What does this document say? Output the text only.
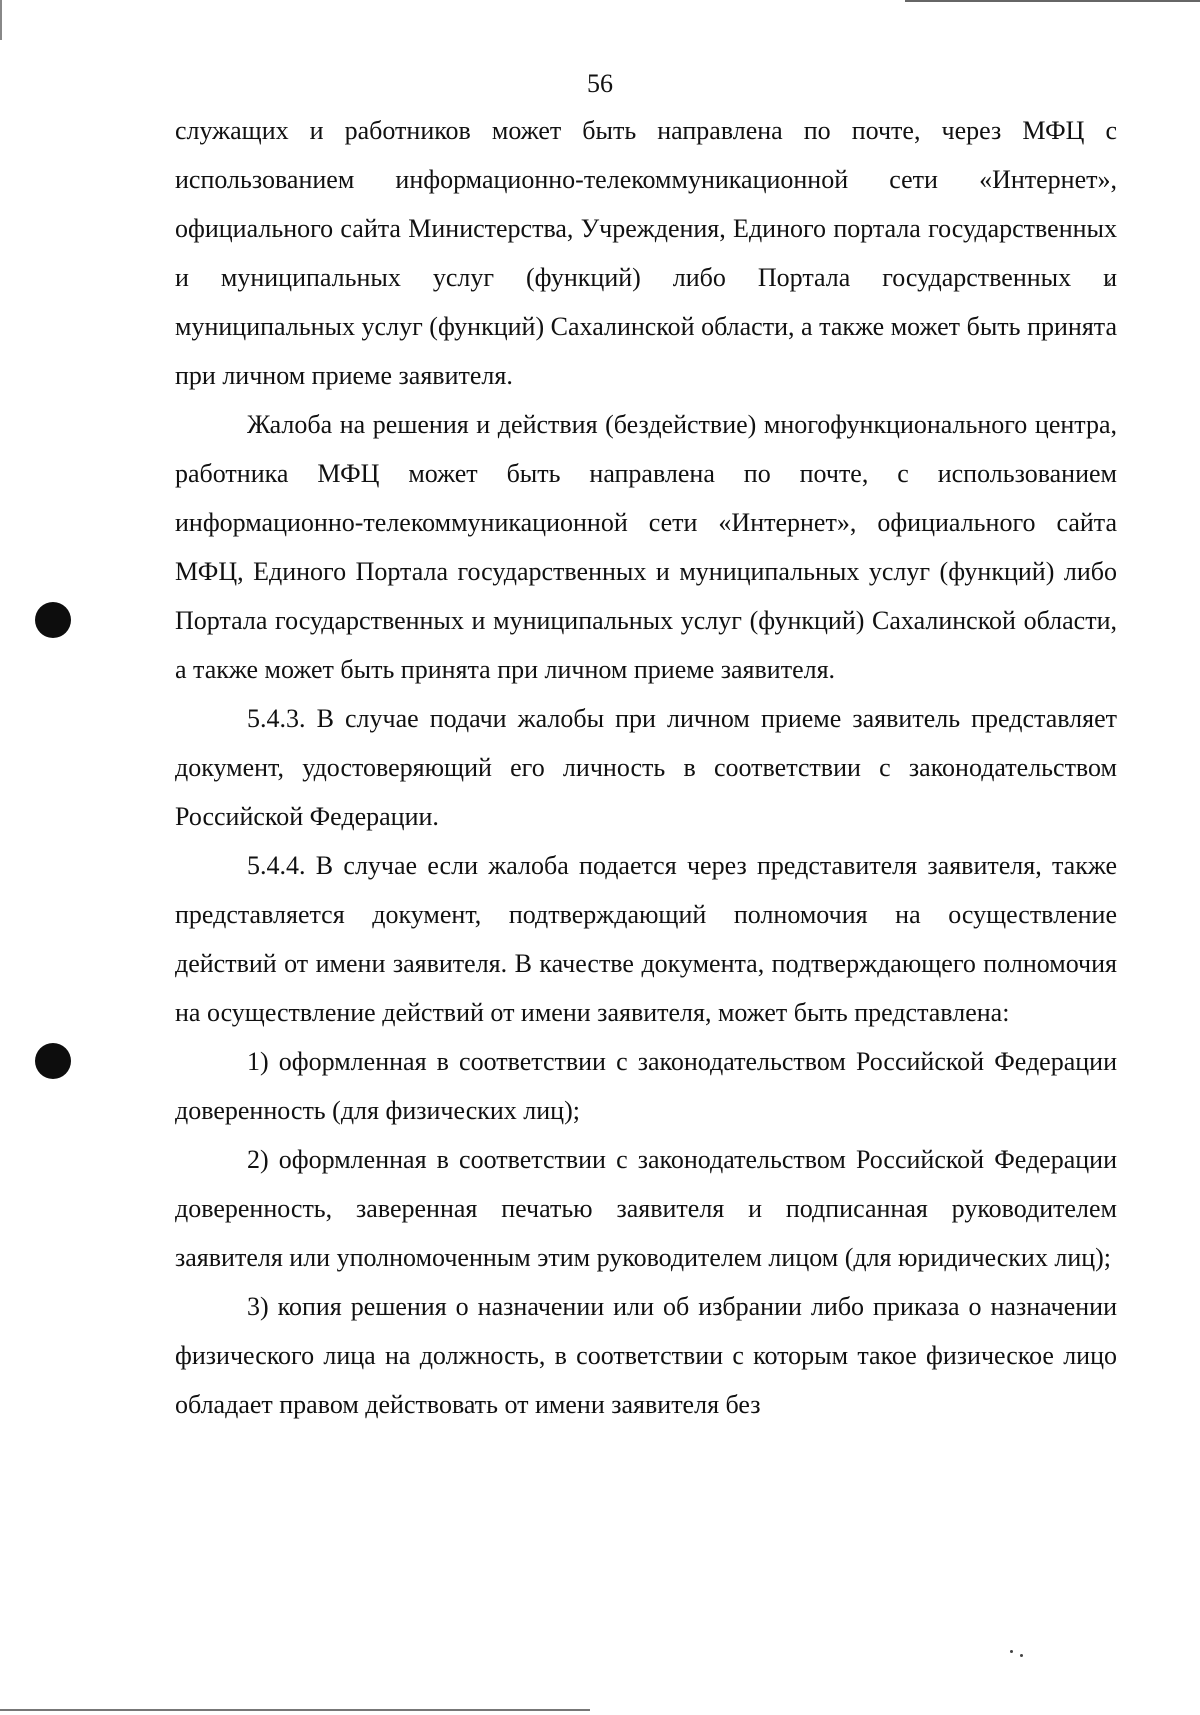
56

служащих и работников может быть направлена по почте, через МФЦ с использованием информационно-телекоммуникационной сети «Интернет», официального сайта Министерства, Учреждения, Единого портала государственных и муниципальных услуг (функций) либо Портала государственных и муниципальных услуг (функций) Сахалинской области, а также может быть принята при личном приеме заявителя.

Жалоба на решения и действия (бездействие) многофункционального центра, работника МФЦ может быть направлена по почте, с использованием информационно-телекоммуникационной сети «Интернет», официального сайта МФЦ, Единого Портала государственных и муниципальных услуг (функций) либо Портала государственных и муниципальных услуг (функций) Сахалинской области, а также может быть принята при личном приеме заявителя.

5.4.3. В случае подачи жалобы при личном приеме заявитель представляет документ, удостоверяющий его личность в соответствии с законодательством Российской Федерации.

5.4.4. В случае если жалоба подается через представителя заявителя, также представляется документ, подтверждающий полномочия на осуществление действий от имени заявителя. В качестве документа, подтверждающего полномочия на осуществление действий от имени заявителя, может быть представлена:

1) оформленная в соответствии с законодательством Российской Федерации доверенность (для физических лиц);

2) оформленная в соответствии с законодательством Российской Федерации доверенность, заверенная печатью заявителя и подписанная руководителем заявителя или уполномоченным этим руководителем лицом (для юридических лиц);

3) копия решения о назначении или об избрании либо приказа о назначении физического лица на должность, в соответствии с которым такое физическое лицо обладает правом действовать от имени заявителя без
